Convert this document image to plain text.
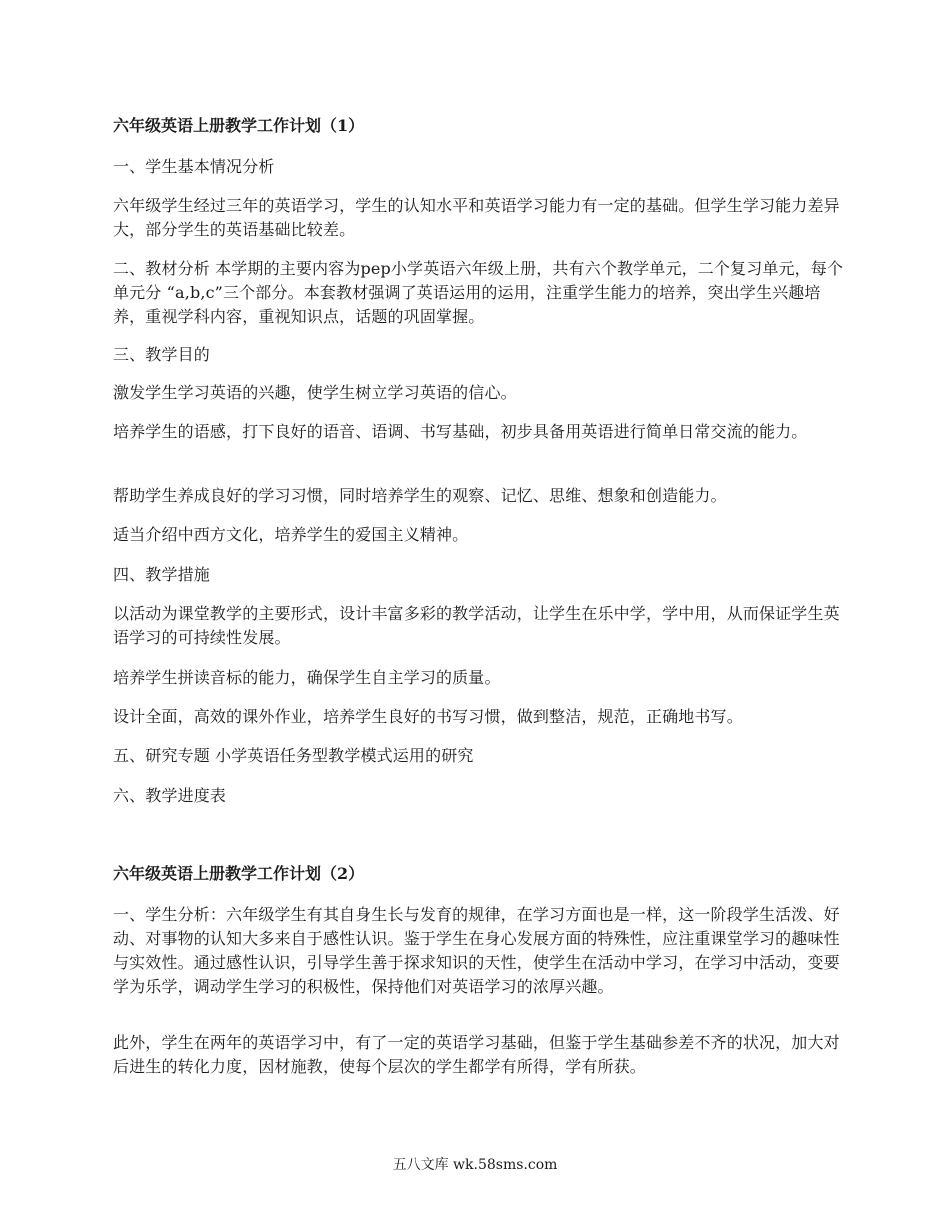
六年级英语上册教学工作计划（1）

一、学生基本情况分析

六年级学生经过三年的英语学习，学生的认知水平和英语学习能力有一定的基础。但学生学习能力差异大，部分学生的英语基础比较差。

二、教材分析 本学期的主要内容为pep小学英语六年级上册，共有六个教学单元，二个复习单元，每个单元分 “a,b,c”三个部分。本套教材强调了英语运用的运用，注重学生能力的培养，突出学生兴趣培养，重视学科内容，重视知识点，话题的巩固掌握。

三、教学目的

激发学生学习英语的兴趣，使学生树立学习英语的信心。

培养学生的语感，打下良好的语音、语调、书写基础，初步具备用英语进行简单日常交流的能力。

帮助学生养成良好的学习习惯，同时培养学生的观察、记忆、思维、想象和创造能力。

适当介绍中西方文化，培养学生的爱国主义精神。

四、教学措施

以活动为课堂教学的主要形式，设计丰富多彩的教学活动，让学生在乐中学，学中用，从而保证学生英语学习的可持续性发展。

培养学生拼读音标的能力，确保学生自主学习的质量。

设计全面，高效的课外作业，培养学生良好的书写习惯，做到整洁，规范，正确地书写。

五、研究专题 小学英语任务型教学模式运用的研究

六、教学进度表

六年级英语上册教学工作计划（2）

一、学生分析：六年级学生有其自身生长与发育的规律，在学习方面也是一样，这一阶段学生活泼、好动、对事物的认知大多来自于感性认识。鉴于学生在身心发展方面的特殊性，应注重课堂学习的趣味性与实效性。通过感性认识，引导学生善于探求知识的天性，使学生在活动中学习，在学习中活动，变要学为乐学，调动学生学习的积极性，保持他们对英语学习的浓厚兴趣。

此外，学生在两年的英语学习中，有了一定的英语学习基础，但鉴于学生基础参差不齐的状况，加大对后进生的转化力度，因材施教，使每个层次的学生都学有所得，学有所获。

五八文库 wk.58sms.com
